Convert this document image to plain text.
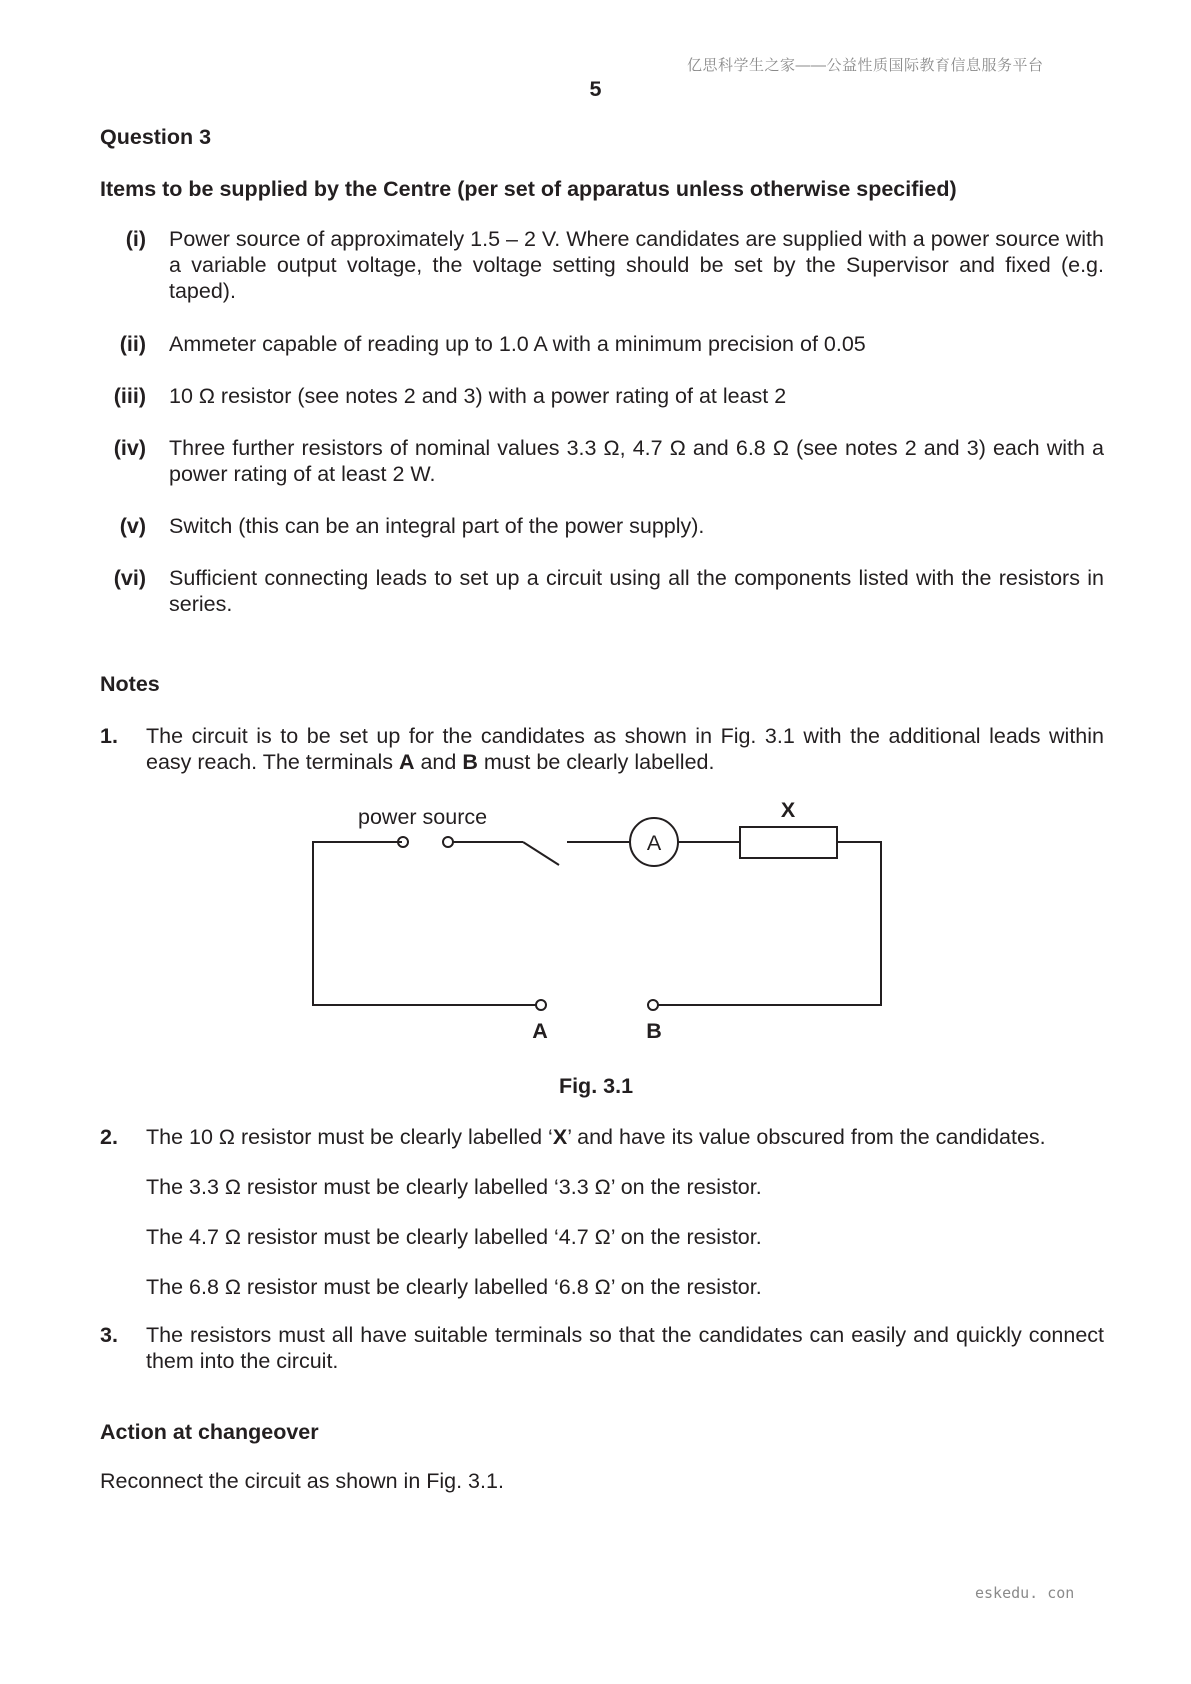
亿思科学生之家——公益性质国际教育信息服务平台
5
Question 3
Items to be supplied by the Centre (per set of apparatus unless otherwise specified)
(i) Power source of approximately 1.5 – 2 V. Where candidates are supplied with a power source with a variable output voltage, the voltage setting should be set by the Supervisor and fixed (e.g. taped).
(ii) Ammeter capable of reading up to 1.0 A with a minimum precision of 0.05
(iii) 10 Ω resistor (see notes 2 and 3) with a power rating of at least 2
(iv) Three further resistors of nominal values 3.3 Ω, 4.7 Ω and 6.8 Ω (see notes 2 and 3) each with a power rating of at least 2 W.
(v) Switch (this can be an integral part of the power supply).
(vi) Sufficient connecting leads to set up a circuit using all the components listed with the resistors in series.
Notes
1. The circuit is to be set up for the candidates as shown in Fig. 3.1 with the additional leads within easy reach. The terminals A and B must be clearly labelled.
power source
A
X
A	B
Fig. 3.1
2. The 10 Ω resistor must be clearly labelled ‘X’ and have its value obscured from the candidates.
The 3.3 Ω resistor must be clearly labelled ‘3.3 Ω’ on the resistor.
The 4.7 Ω resistor must be clearly labelled ‘4.7 Ω’ on the resistor.
The 6.8 Ω resistor must be clearly labelled ‘6.8 Ω’ on the resistor.
3. The resistors must all have suitable terminals so that the candidates can easily and quickly connect them into the circuit.
Action at changeover
Reconnect the circuit as shown in Fig. 3.1.
eskedu. con
